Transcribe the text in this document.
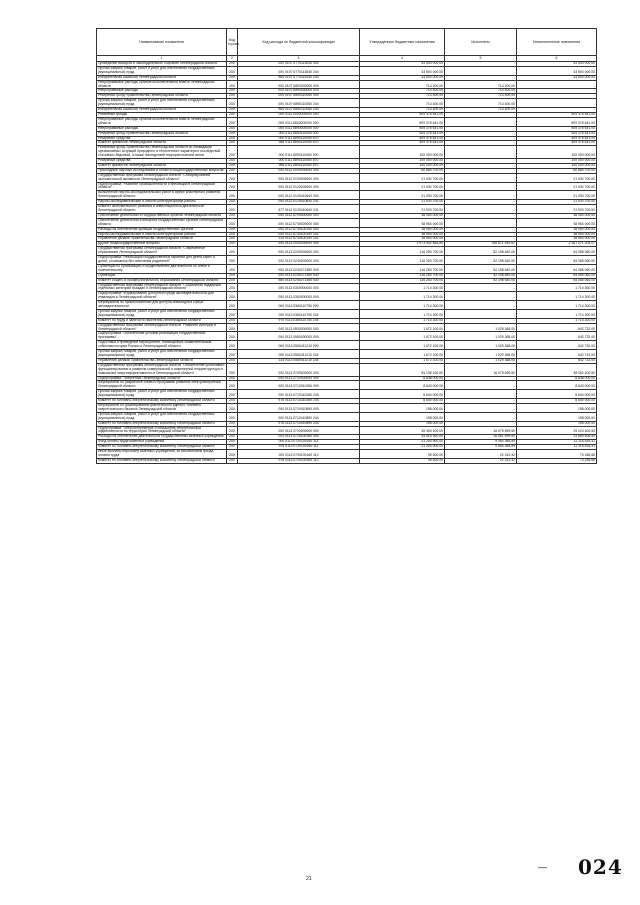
Наименование показателя	Код строки	Код расхода по бюджетной классификации	Утвержденные бюджетные назначения	Исполнено	Неисполненные назначения
1	2	3	4	5	6
Проведение выборов в Законодательное собрание Ленинградской области	200	000 0107 6770113040 000	43 500 000,00	-	43 500 000,00
Прочая закупка товаров, работ и услуг для обеспечения государственных (муниципальных) нужд	200	000 0107 6770113040 244	43 500 000,00	-	43 500 000,00
Избирательная комиссия Ленинградской области	200	985 0107 6770113040 244	43 500 000,00	-	43 500 000,00
Непрограммные расходы органов исполнительной власти Ленинградской области	200	000 0107 6800000000 000	714 400,00	714 400,00	-
Непрограммные расходы	200	000 0107 6890000000 000	714 400,00	714 400,00	-
Резервный фонд Правительства Ленинградской области	200	000 0107 6890110050 000	714 400,00	714 400,00	-
Прочая закупка товаров, работ и услуг для обеспечения государственных (муниципальных) нужд	200	000 0107 6890110050 244	714 400,00	714 400,00	-
Избирательная комиссия Ленинградской области	200	985 0107 6890110050 244	714 400,00	714 400,00	-
Резервные фонды	200	000 0111 0000000000 000	509 376 641,00	-	509 376 641,00
Непрограммные расходы органов исполнительной власти Ленинградской области	200	000 0111 6800000000 000	509 376 641,00	-	509 376 641,00
Непрограммные расходы	200	000 0111 6890000000 000	509 376 641,00	-	509 376 641,00
Резервный фонд Правительства Ленинградской области	200	000 0111 6890110050 000	409 376 641,00	-	409 376 641,00
Резервные средства	200	000 0111 6890110050 870	409 376 641,00	-	409 376 641,00
Комитет финансов Ленинградской области	200	985 0111 6890110050 870	409 376 641,00	-	409 376 641,00
Резервный фонд Правительства Ленинградской области по ликвидации чрезвычайных ситуаций природного и техногенного характера и последствий стихийных бедствий, а также последствий террористических актов	200	000 0111 6890110060 000	100 000 000,00	-	100 000 000,00
Резервные средства	200	000 0111 6890110060 870	100 000 000,00	-	100 000 000,00
Комитет финансов Ленинградской области	200	985 0111 6890110060 870	100 000 000,00	-	100 000 000,00
Прикладные научные исследования в области общегосударственных вопросов	200	000 0112 0000000000 000	60 884 700,00	-	60 884 700,00
Государственная программа Ленинградской области "Стимулирование экономической активности Ленинградской области"	200	000 0112 0100000000 000	21 930 700,00	-	21 930 700,00
Подпрограмма "Развитие промышленности и инноваций в Ленинградской области"	200	000 0112 0120000000 000	21 930 700,00	-	21 930 700,00
Выполнение научно-исследовательских работ в сфере кластерного развития Ленинградской области	200	000 0112 0120410640 000	21 930 700,00	-	21 930 700,00
Научно-исследовательские и опытно-конструкторские работы	200	000 0112 0120410640 241	21 930 700,00	-	21 930 700,00
Комитет экономического развития и инвестиционной деятельности Ленинградской области	200	977 0112 0120410640 241	21 930 700,00	-	21 930 700,00
Обеспечение деятельности государственных органов Ленинградской области	200	000 0112 6700000000 000	38 954 000,00	-	38 954 000,00
Обеспечение деятельности аппарата государственных органов Ленинградской области	200	000 0112 6730000000 000	38 954 000,00	-	38 954 000,00
Расходы на обеспечение функций государственных органов	200	000 0112 6730100150 000	38 954 000,00	-	38 954 000,00
Научно-исследовательские и опытно-конструкторские работы	200	000 0112 6730100150 241	38 954 000,00	-	38 954 000,00
Управление делами Правительства Ленинградской области	200	133 0112 6730100150 241	38 954 000,00	-	38 954 000,00
Другие общегосударственные вопросы	200	000 0113 0000000000 000	2 973 942 864,89	786 671 440,62	2 187 271 204,07
Государственная программа Ленинградской области "Современное образование Ленинградской области"	200	000 0113 0200000000 000	116 283 700,00	52 198 640,00	64 085 060,00
Подпрограмма "Реализация государственных гарантий для детей-сирот и детей, оставшихся без попечения родителей"	200	000 0113 0240000000 000	116 283 700,00	52 198 640,00	64 085 060,00
Субвенции по организации и осуществлению деятельности по опеке и попечительству	200	000 0113 0240271380 000	116 283 700,00	52 198 640,00	64 085 060,00
Субвенции	200	000 0113 0240271380 530	116 283 700,00	52 198 640,00	64 085 060,00
Комитет общего и профессионального образования Ленинградской области	200	980 0113 0240271380 530	116 283 700,00	52 198 640,00	64 085 060,00
Государственная программа Ленинградской области "Социальная поддержка отдельных категорий граждан в Ленинградской области"	200	000 0113 0300000000 000	1 714 300,00	-	1 714 300,00
Подпрограмма "Формирование доступной среды жизнедеятельности для инвалидов в Ленинградской области"	200	000 0113 0360000000 000	1 714 300,00	-	1 714 300,00
Мероприятия по приспособлению для доступа инвалидов в сфере жизнедеятельности	200	000 0113 0360110750 000	1 714 300,00	-	1 714 300,00
Прочая закупка товаров, работ и услуг для обеспечения государственных (муниципальных) нужд	200	000 0113 0360110750 244	1 714 300,00	-	1 714 300,00
Комитет по труду и занятости населения Ленинградской области	200	970 0113 0360110750 244	1 714 300,00	-	1 714 300,00
Государственная программа Ленинградской области "Развитие культуры в Ленинградской области"	200	000 0113 0500000000 000	1 672 100,00	1 029 368,00	642 732,00
Подпрограмма "Обеспечение условий реализации государственной программы"	200	000 0113 0550000000 000	1 672 100,00	1 029 368,00	642 732,00
Подготовка и проведение мероприятий, посвященных знаменательным событиям истории России и Ленинградской области	200	000 0113 0550411210 000	1 672 100,00	1 029 368,00	642 732,00
Прочая закупка товаров, работ и услуг для обеспечения государственных (муниципальных) нужд	200	000 0113 0550411210 244	1 672 100,00	1 029 368,00	642 732,00
Управление делами Правительства Ленинградской области	200	133 0113 0550411210 244	1 672 100,00	1 029 368,00	642 732,00
Государственная программа Ленинградской области "Обеспечение устойчивого функционирования и развития коммунальной и инженерной инфраструктуры и повышение энергоэффективности в Ленинградской области"	200	000 0113 0700000000 000	54 138 100,00	16 075 699,50	38 062 400,50
Подпрограмма "Энергетика Ленинградской области"	200	000 0113 0710000000 000	8 838 000,00	-	8 838 000,00
Мероприятия по разработке схемы и программы развития электроэнергетики Ленинградской области	200	000 0113 0710310260 000	8 640 000,00	-	8 640 000,00
Прочая закупка товаров, работ и услуг для обеспечения государственных (муниципальных) нужд	200	000 0113 0710310260 244	8 640 000,00	-	8 640 000,00
Комитет по топливно-энергетическому комплексу Ленинградской области	200	978 0113 0710310260 244	8 640 000,00	-	8 640 000,00
Мероприятие по формированию фактического единого топливно-энергетического баланса Ленинградской области	200	000 0113 0710410890 000	198 000,00	-	198 000,00
Прочая закупка товаров, работ и услуг для обеспечения государственных (муниципальных) нужд	200	000 0113 0710410890 244	198 000,00	-	198 000,00
Комитет по топливно-энергетическому комплексу Ленинградской области	200	978 0113 0710410890 244	198 000,00	-	198 000,00
Подпрограмма "Энергосбережение и повышение энергетической эффективности на территории Ленинградской области"	200	000 0113 0720000000 000	45 300 100,00	16 075 699,50	29 224 400,50
Расходы на обеспечение деятельности государственных казенных учреждений	200	000 0113 0720100160 000	39 815 300,00	16 561 699,50	23 869 606,50
Фонд оплаты труда казенных учреждений	200	000 0113 0720100160 111	21 200 900,00	9 084 385,59	12 115 634,41
Комитет по топливно-энергетическому комплексу Ленинградской области	200	978 0113 0720100160 111	21 200 900,00	9 084 385,59	12 115 634,41
Иные выплаты персоналу казенных учреждений, за исключением фонда оплаты труда	200	000 0113 0720100160 112	95 500,00	22 313,32	73 186,68
Комитет по топливно-энергетическому комплексу Ленинградской области	200	978 0113 0720100160 112	95 500,00	22 313,32	73 186,68
21
— 024
